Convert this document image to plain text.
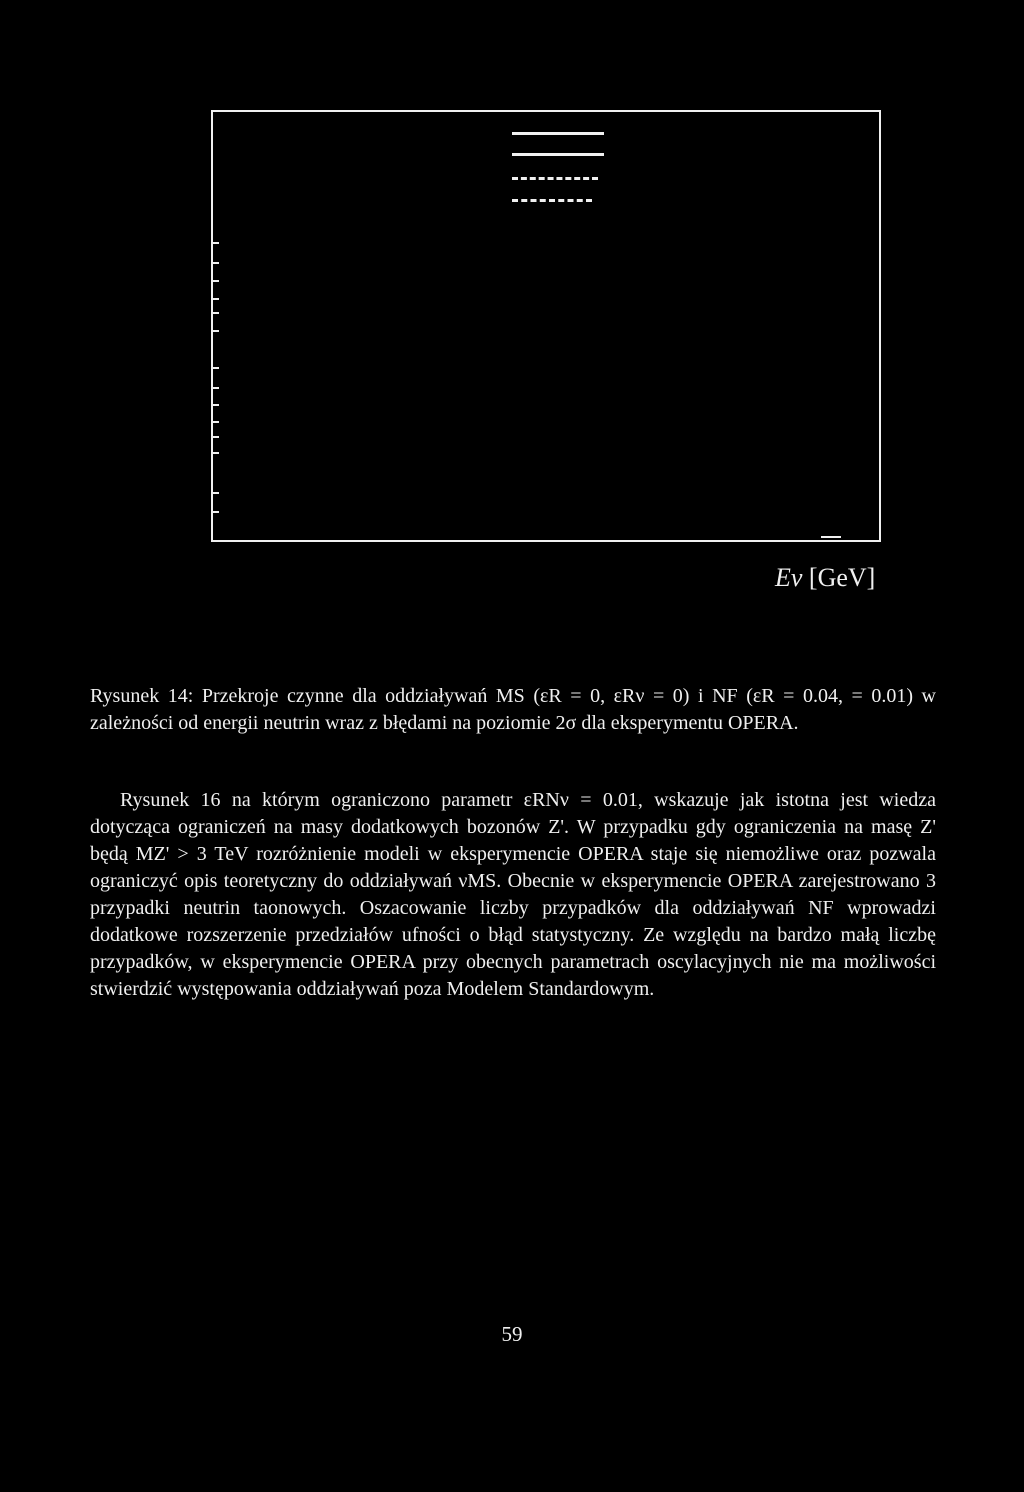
Eν [GeV]
Rysunek 14: Przekroje czynne dla oddziaływań MS (εR = 0, εRν = 0) i NF (εR = 0.04, = 0.01) w zależności od energii neutrin wraz z błędami na poziomie 2σ dla eksperymentu OPERA.
Rysunek 16 na którym ograniczono parametr εRNν = 0.01, wskazuje jak istotna jest wiedza dotycząca ograniczeń na masy dodatkowych bozonów Z'. W przypadku gdy ograniczenia na masę Z' będą MZ' > 3 TeV rozróżnienie modeli w eksperymencie OPERA staje się niemożliwe oraz pozwala ograniczyć opis teoretyczny do oddziaływań νMS. Obecnie w eksperymencie OPERA zarejestrowano 3 przypadki neutrin taonowych. Oszacowanie liczby przypadków dla oddziaływań NF wprowadzi dodatkowe rozszerzenie przedziałów ufności o błąd statystyczny. Ze względu na bardzo małą liczbę przypadków, w eksperymencie OPERA przy obecnych parametrach oscylacyjnych nie ma możliwości stwierdzić występowania oddziaływań poza Modelem Standardowym.
59
